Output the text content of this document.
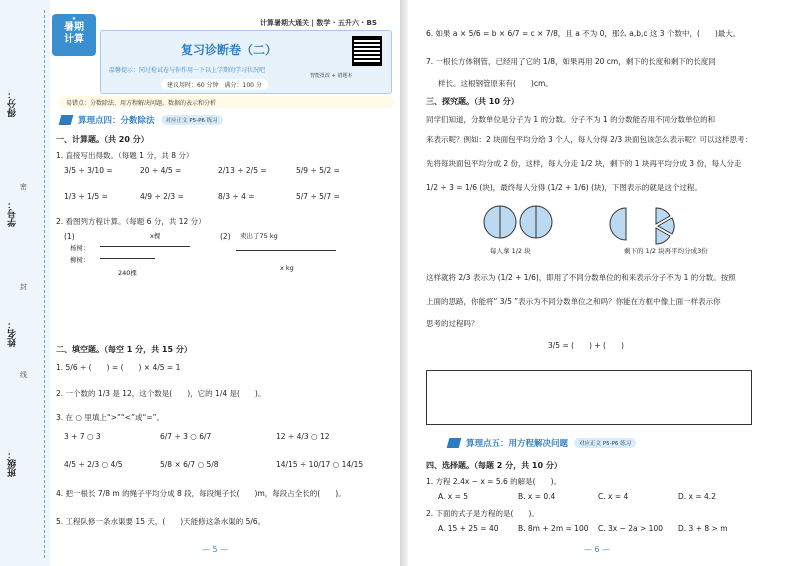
得分：
学号：
姓名：
班级：
密
封
线
★
暑期
计算
计算暑期大通关 | 数学 · 五升六 · BS
复习诊断卷（二）
温馨提示：同过检试卷与你作用一下以上学期的学习状况吧
建议用时：60 分钟　满分：100 分
智能批改 + 错题本
易错点：分数除法、用方程解决问题、数据的表示和分析
算理点四：分数除法	对应正文 P5-P6 练习
一、计算题。（共 20 分）
1. 直接写出得数。（每题 1 分，共 8 分）
3/5 ÷ 3/10 =	20 ÷ 4/5 =	2/13 ÷ 2/5 =	5/9 ÷ 5/2 =
1/3 ÷ 1/5 =	4/9 ÷ 2/3 =	8/3 ÷ 4 =	5/7 ÷ 5/7 =
2. 看图列方程计算。（每题 6 分，共 12 分）
(1)	x棵
杨树：
柳树：
240棵
(2) 卖出了75 kg
x kg
二、填空题。（每空 1 分，共 15 分）
1. 5/6 ÷ (　　) = (　　) × 4/5 = 1
2. 一个数的 1/3 是 12，这个数是(　　)，它的 1/4 是(　　)。
3. 在 ○ 里填上“>”“<”或“=”。
3 + 7 ○ 3	6/7 ÷ 3 ○ 6/7	12 ÷ 4/3 ○ 12
4/5 ÷ 2/3 ○ 4/5	5/8 × 6/7 ○ 5/8	14/15 ÷ 10/17 ○ 14/15
4. 把一根长 7/8 m 的绳子平均分成 8 段，每段绳子长(　　)m，每段占全长的(　　)。
5. 工程队修一条水渠要 15 天，(　　)天能修这条水渠的 5/6。
— 5 —
6. 如果 a × 5/6 = b × 6/7 = c × 7/8，且 a 不为 0，那么 a,b,c 这 3 个数中，(　　)最大。
7. 一根长方体钢管，已经用了它的 1/8，如果再用 20 cm，剩下的长度和剩下的长度同
样长。这根钢管原来有(　　)cm。
三、探究题。（共 10 分）
同学们知道，分数单位是分子为 1 的分数。分子不为 1 的分数能否用不同分数单位的和
来表示呢？例如：2 块面包平均分给 3 个人，每人分得 2/3 块面包该怎么表示呢？可以这样思考：
先将每块面包平均分成 2 份，这样，每人分走 1/2 块，剩下的 1 块再平均分成 3 份，每人分走
1/2 ÷ 3 = 1/6 (块)，最终每人分得 (1/2 + 1/6) (块)，下图表示的就是这个过程。
每人拿 1/2 块	剩下的 1/2 块再平均分成3份
这样就将 2/3 表示为 (1/2 + 1/6)，即用了不同分数单位的和来表示分子不为 1 的分数。按照
上面的思路，你能将“ 3/5 ”表示为不同分数单位之和吗？你能在方框中像上面一样表示你
思考的过程吗？
3/5 = (　　) + (　　)
算理点五：用方程解决问题	对应正文 P5-P6 练习
四、选择题。（每题 2 分，共 10 分）
1. 方程 2.4x − x = 5.6 的解是(　　)。
A. x = 5	B. x = 0.4	C. x = 4	D. x = 4.2
2. 下面的式子是方程的是(　　)。
A. 15 + 25 = 40	B. 8m + 2m = 100 C. 3x − 2a > 100 D. 3 + 8 > m
— 6 —
